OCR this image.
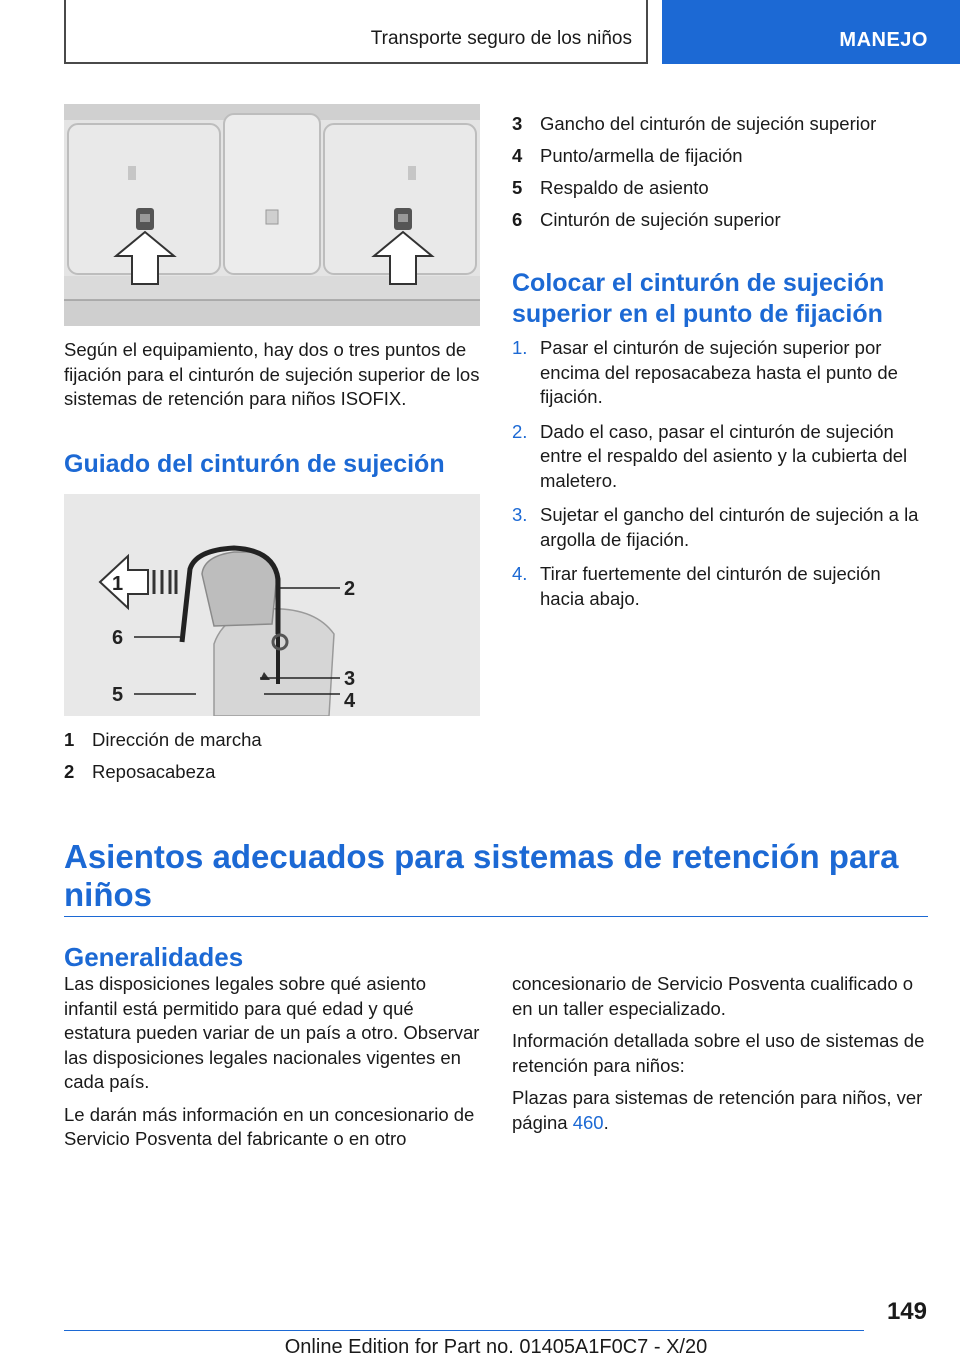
Transporte seguro de los niños	MANEJO

Según el equipamiento, hay dos o tres puntos de fijación para el cinturón de sujeción superior de los sistemas de retención para niños ISOFIX.

Guiado del cinturón de sujeción
1	2
3
4
5
6
1 Dirección de marcha
2 Reposacabeza
3 Gancho del cinturón de sujeción superior
4 Punto/armella de fijación
5 Respaldo de asiento
6 Cinturón de sujeción superior
Colocar el cinturón de sujeción
superior en el punto de fijación
1. Pasar el cinturón de sujeción superior por encima del reposacabeza hasta el punto de fijación.
2. Dado el caso, pasar el cinturón de sujeción entre el respaldo del asiento y la cubierta del maletero.
3. Sujetar el gancho del cinturón de sujeción a la argolla de fijación.
4. Tirar fuertemente del cinturón de sujeción hacia abajo.
Asientos adecuados para sistemas de retención para
niños
Generalidades

Las disposiciones legales sobre qué asiento infantil está permitido para qué edad y qué estatura pueden variar de un país a otro. Observar las disposiciones legales nacionales vigentes en cada país.

Le darán más información en un concesionario de Servicio Posventa del fabricante o en otro

concesionario de Servicio Posventa cualificado o en un taller especializado.

Información detallada sobre el uso de sistemas de retención para niños:

Plazas para sistemas de retención para niños, ver página 460.

149
Online Edition for Part no. 01405A1F0C7 - X/20
